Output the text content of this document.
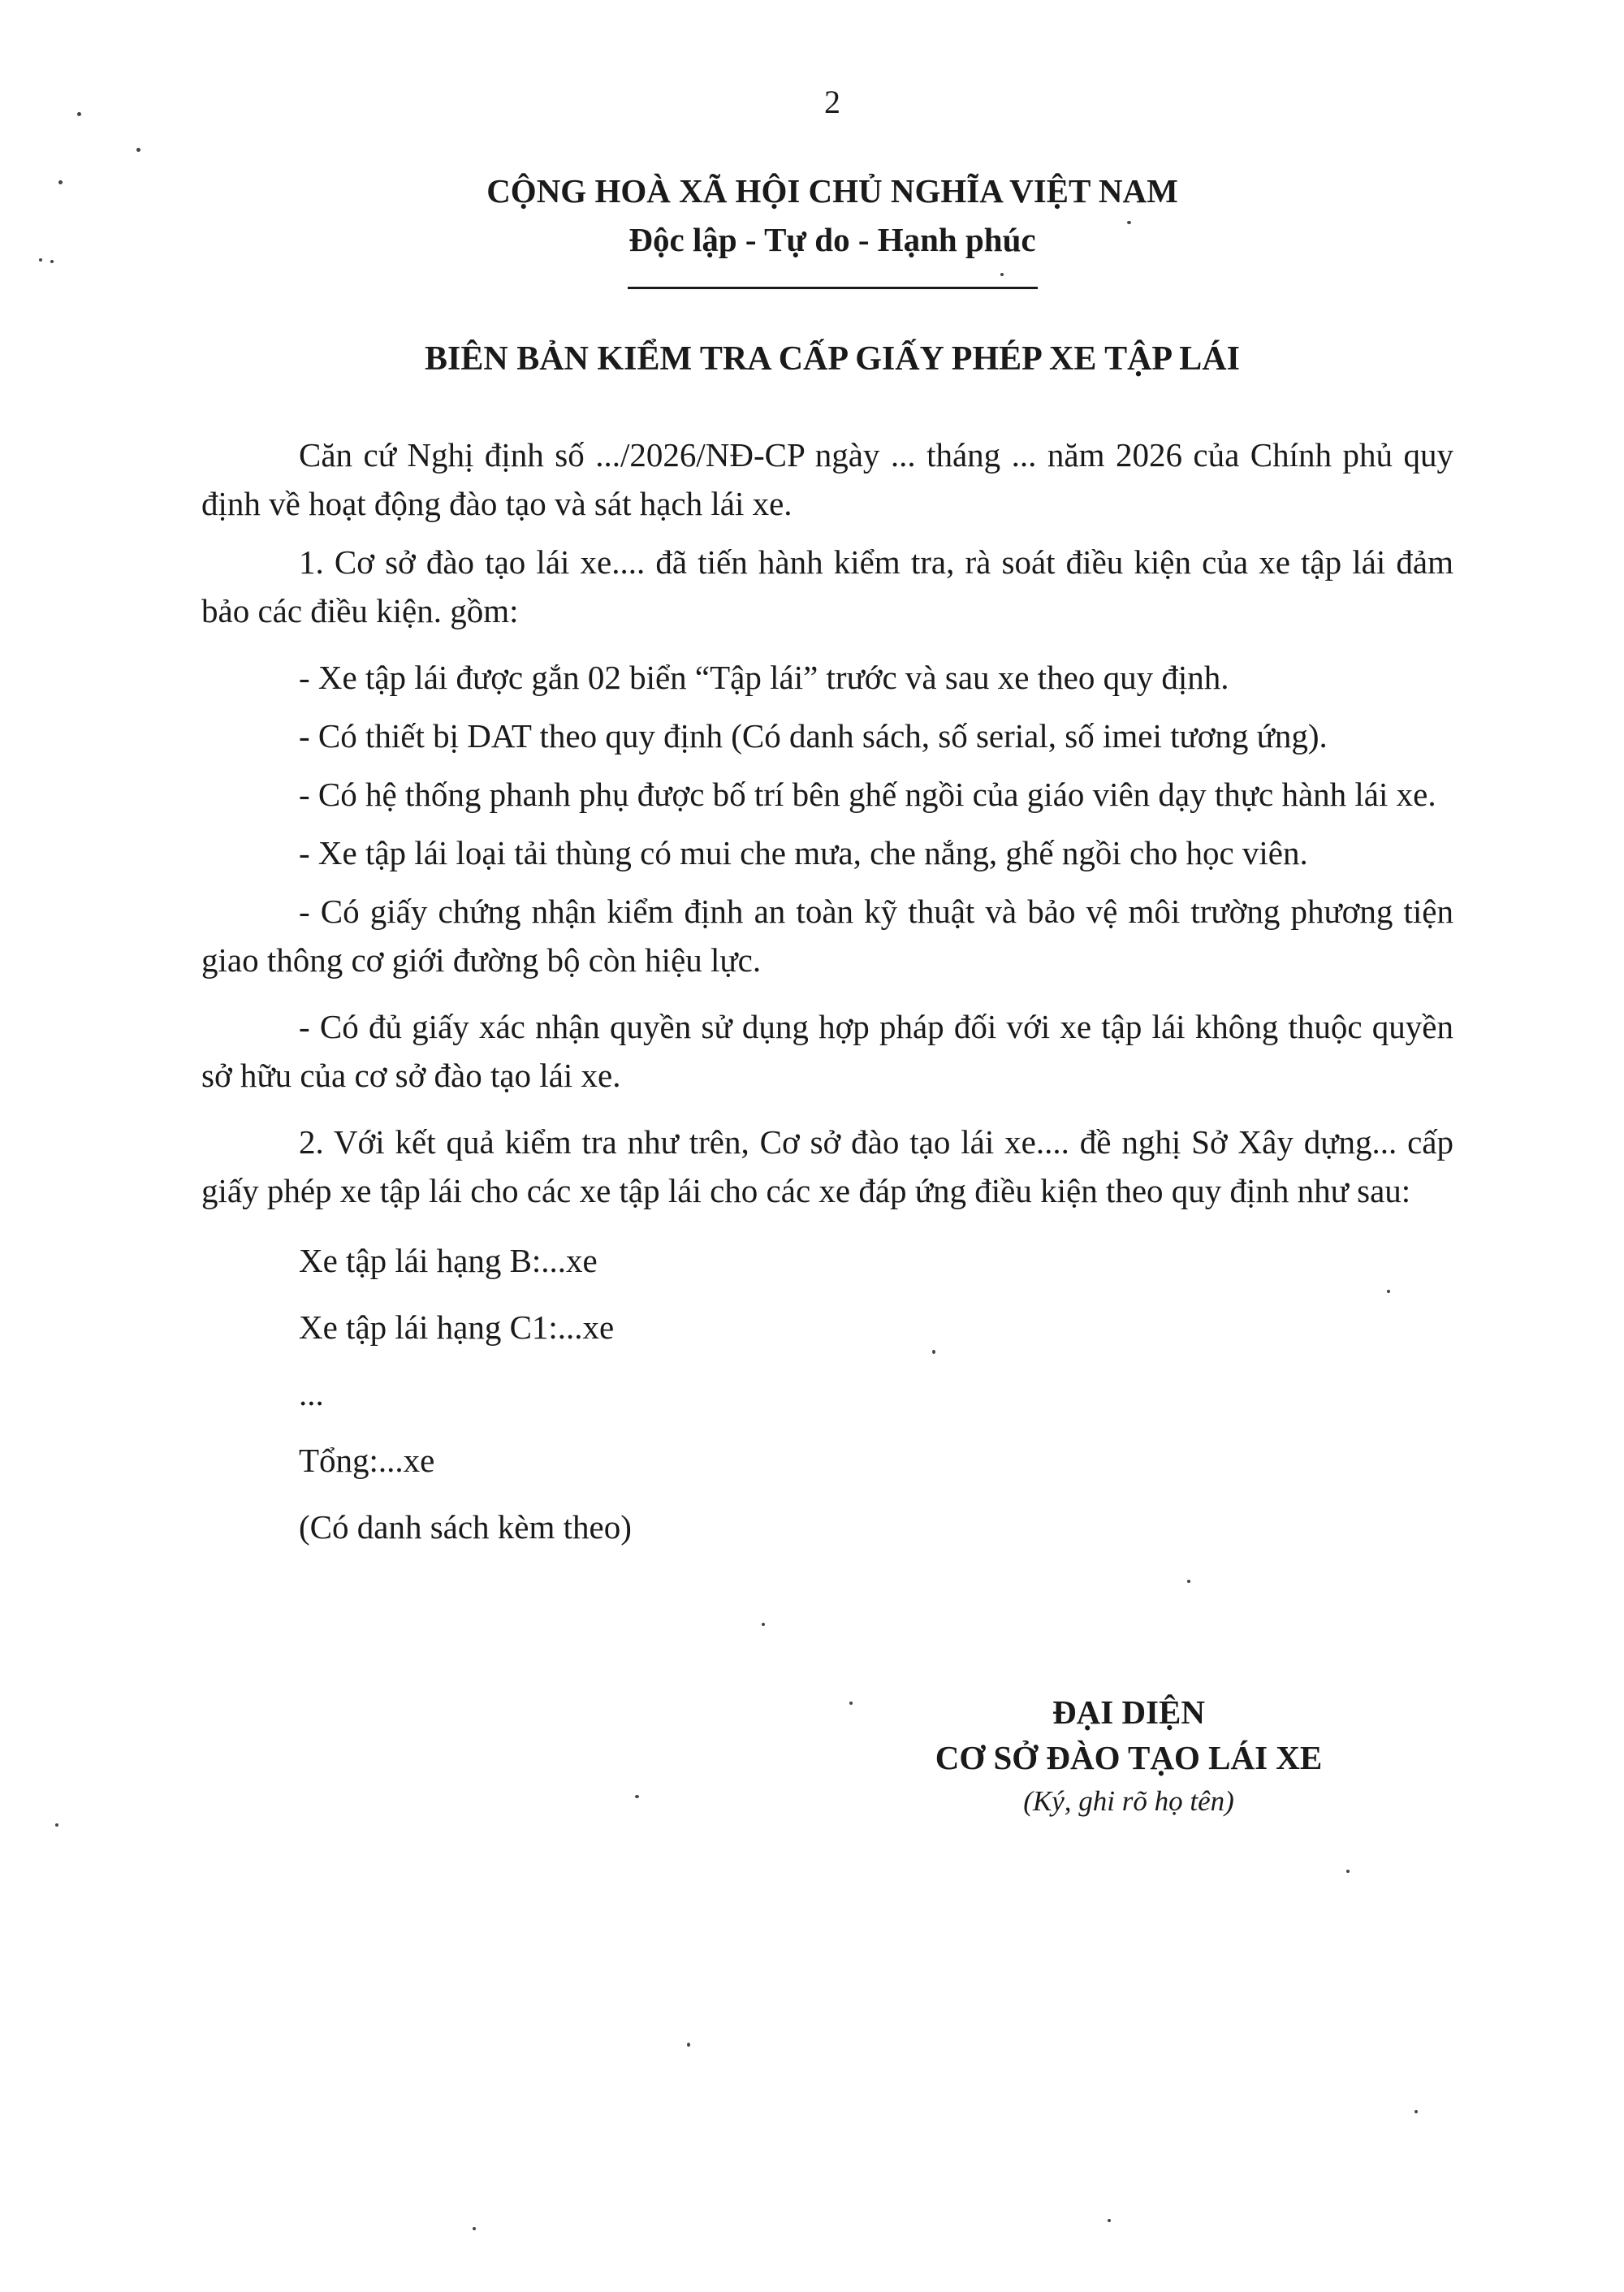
2
CỘNG HOÀ XÃ HỘI CHỦ NGHĨA VIỆT NAM
Độc lập - Tự do - Hạnh phúc
BIÊN BẢN KIỂM TRA CẤP GIẤY PHÉP XE TẬP LÁI

Căn cứ Nghị định số .../2026/NĐ-CP ngày ... tháng ... năm 2026 của Chính phủ quy định về hoạt động đào tạo và sát hạch lái xe.

1. Cơ sở đào tạo lái xe.... đã tiến hành kiểm tra, rà soát điều kiện của xe tập lái đảm bảo các điều kiện. gồm:

- Xe tập lái được gắn 02 biển “Tập lái” trước và sau xe theo quy định.

- Có thiết bị DAT theo quy định (Có danh sách, số serial, số imei tương ứng).

- Có hệ thống phanh phụ được bố trí bên ghế ngồi của giáo viên dạy thực hành lái xe.

- Xe tập lái loại tải thùng có mui che mưa, che nắng, ghế ngồi cho học viên.

- Có giấy chứng nhận kiểm định an toàn kỹ thuật và bảo vệ môi trường phương tiện giao thông cơ giới đường bộ còn hiệu lực.

- Có đủ giấy xác nhận quyền sử dụng hợp pháp đối với xe tập lái không thuộc quyền sở hữu của cơ sở đào tạo lái xe.

2. Với kết quả kiểm tra như trên, Cơ sở đào tạo lái xe.... đề nghị Sở Xây dựng... cấp giấy phép xe tập lái cho các xe tập lái cho các xe đáp ứng điều kiện theo quy định như sau:

Xe tập lái hạng B:...xe

Xe tập lái hạng C1:...xe

...

Tổng:...xe

(Có danh sách kèm theo)

ĐẠI DIỆN
CƠ SỞ ĐÀO TẠO LÁI XE
(Ký, ghi rõ họ tên)
